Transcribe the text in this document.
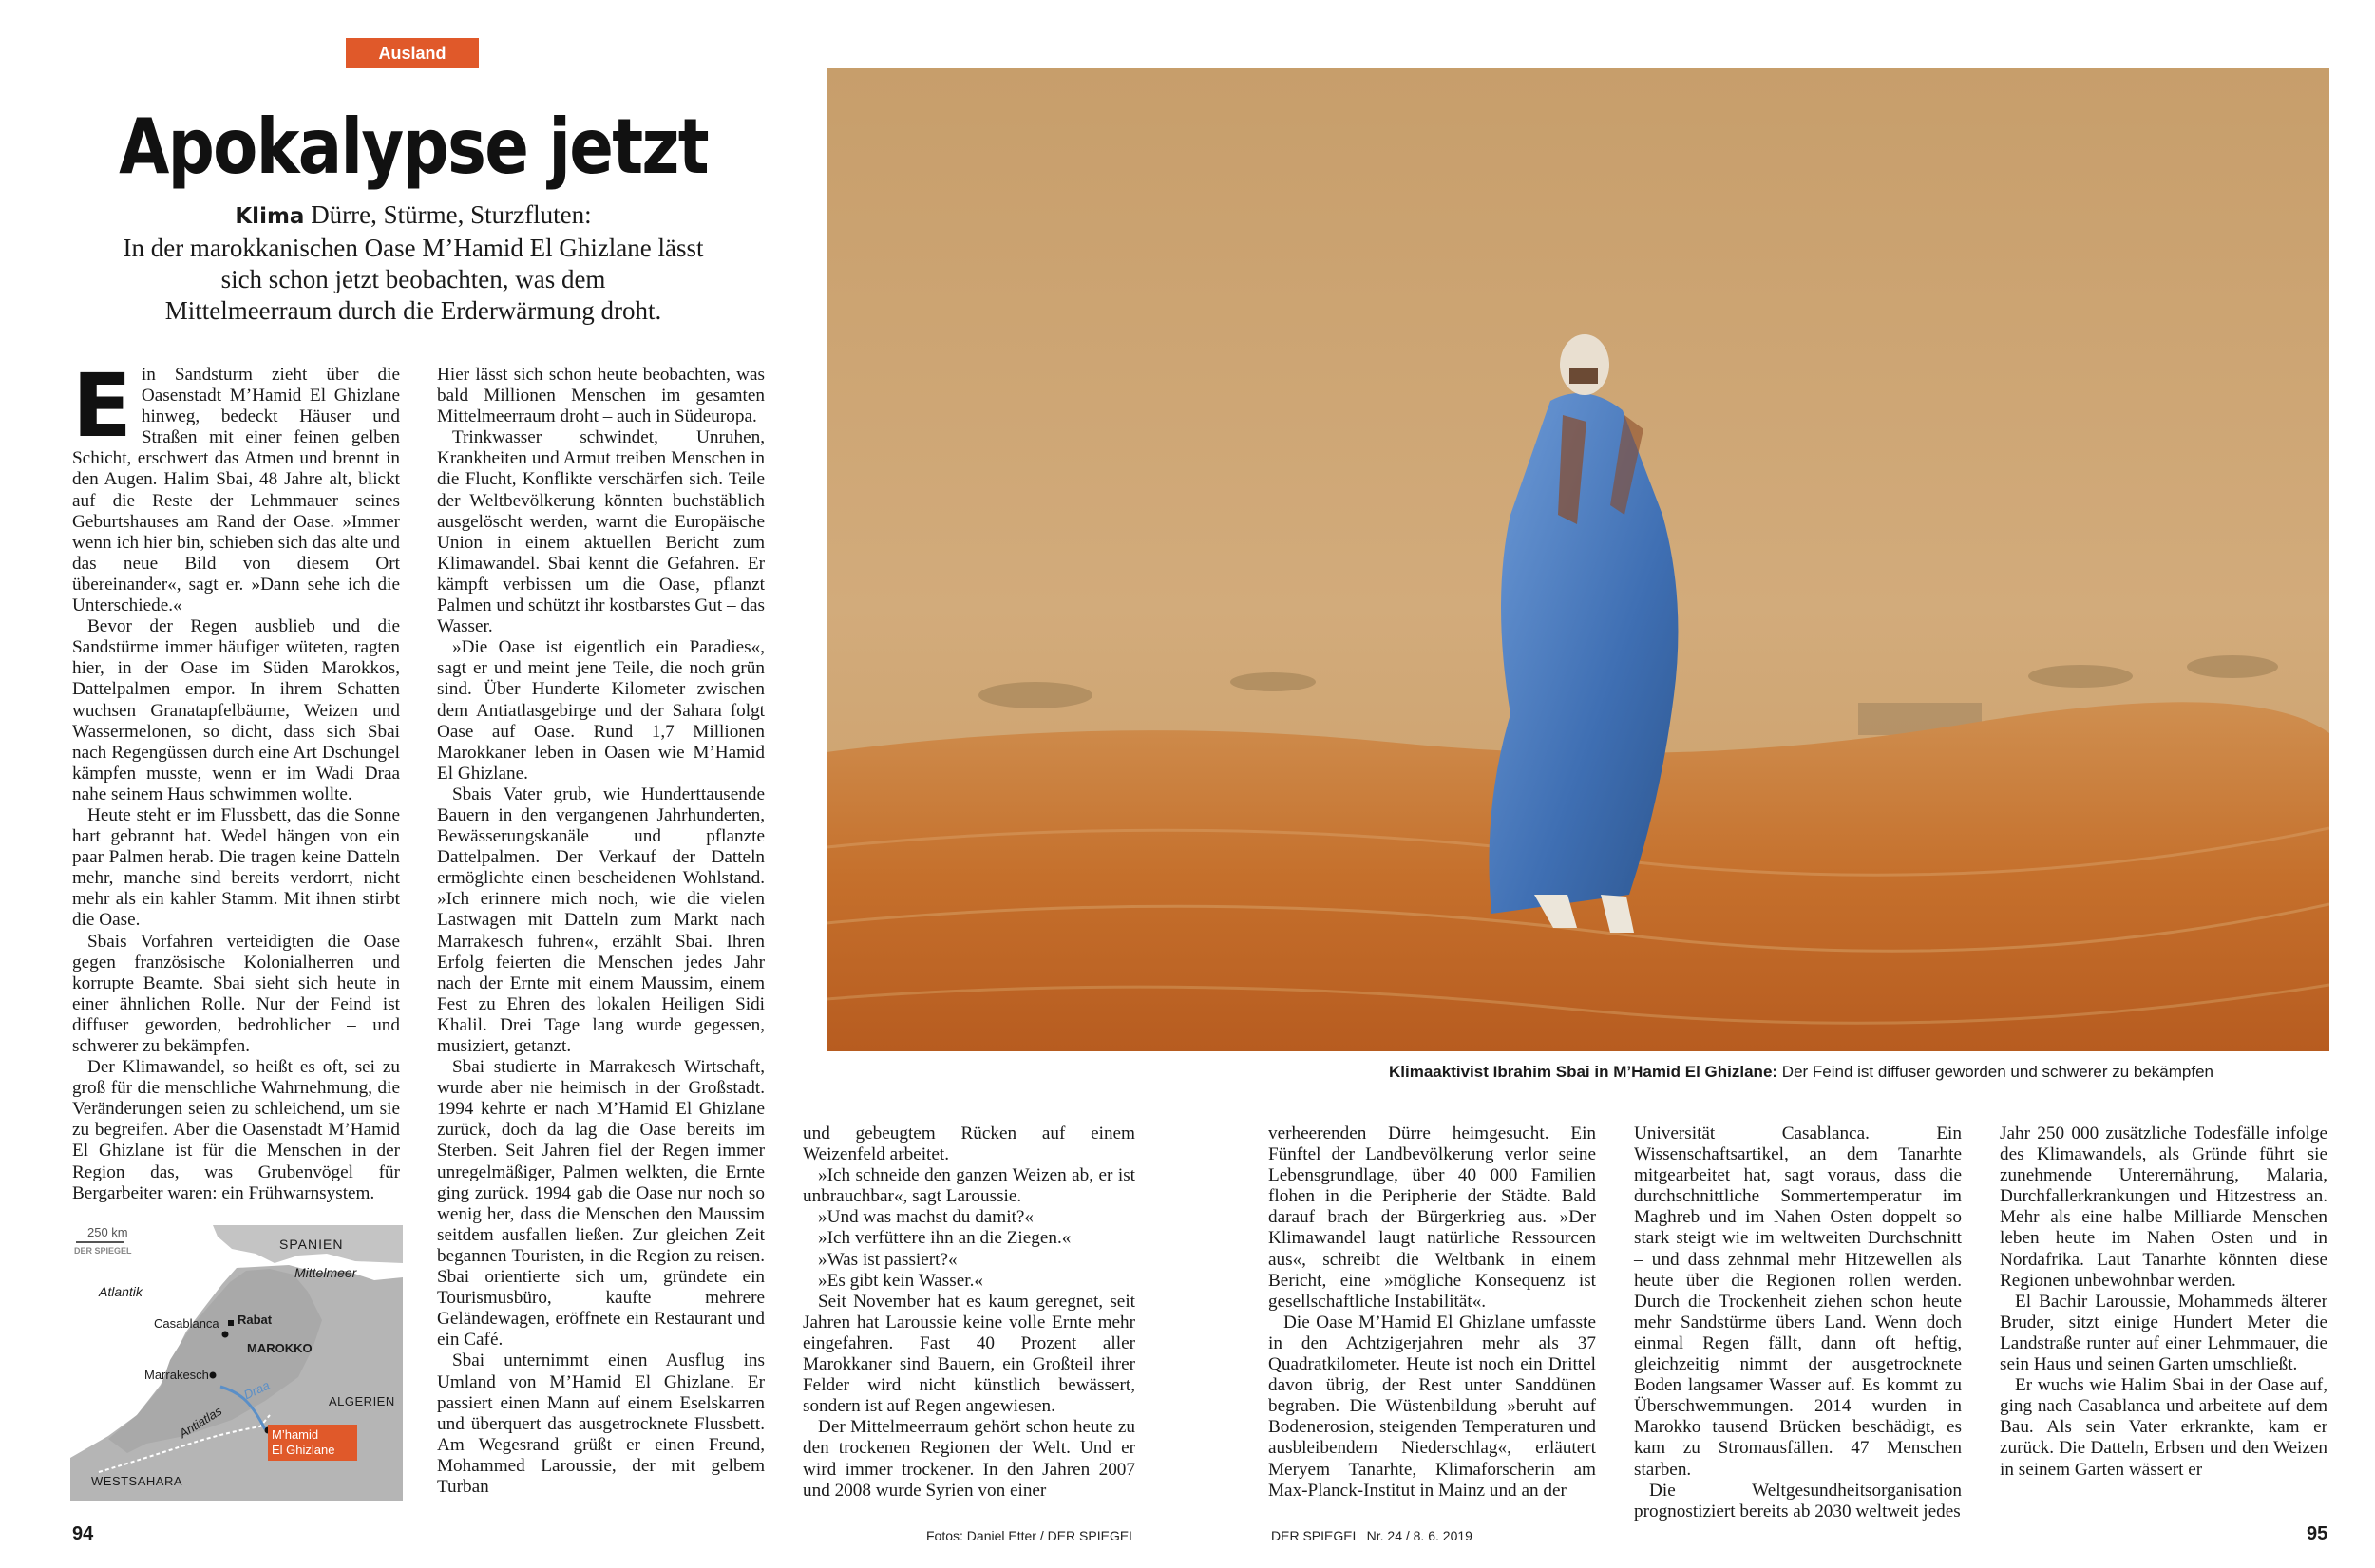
Ausland
Apokalypse jetzt
Klima Dürre, Stürme, Sturzfluten:
In der marokkanischen Oase M’Hamid El Ghizlane lässt
sich schon jetzt beobachten, was dem
Mittelmeerraum durch die Erderwärmung droht.

Ein Sandsturm zieht über die Oasenstadt M’Hamid El Ghizlane hinweg, bedeckt Häuser und Straßen mit einer feinen gelben Schicht, erschwert das Atmen und brennt in den Augen. Halim Sbai, 48 Jahre alt, blickt auf die Reste der Lehmmauer seines Geburtshauses am Rand der Oase. »Immer wenn ich hier bin, schieben sich das alte und das neue Bild von diesem Ort übereinander«, sagt er. »Dann sehe ich die Unterschiede.«

Bevor der Regen ausblieb und die Sandstürme immer häufiger wüteten, ragten hier, in der Oase im Süden Marokkos, Dattelpalmen empor. In ihrem Schatten wuchsen Granatapfelbäume, Weizen und Wassermelonen, so dicht, dass sich Sbai nach Regengüssen durch eine Art Dschungel kämpfen musste, wenn er im Wadi Draa nahe seinem Haus schwimmen wollte.

Heute steht er im Flussbett, das die Sonne hart gebrannt hat. Wedel hängen von ein paar Palmen herab. Die tragen keine Datteln mehr, manche sind bereits verdorrt, nicht mehr als ein kahler Stamm. Mit ihnen stirbt die Oase.

Sbais Vorfahren verteidigten die Oase gegen französische Kolonialherren und korrupte Beamte. Sbai sieht sich heute in einer ähnlichen Rolle. Nur der Feind ist diffuser geworden, bedrohlicher – und schwerer zu bekämpfen.

Der Klimawandel, so heißt es oft, sei zu groß für die menschliche Wahrnehmung, die Veränderungen seien zu schleichend, um sie zu begreifen. Aber die Oasenstadt M’Hamid El Ghizlane ist für die Menschen in der Region das, was Grubenvögel für Bergarbeiter waren: ein Frühwarnsystem.

250 km
DER SPIEGEL	SPANIEN
Mittelmeer
Atlantik
Casablanca Rabat
MAROKKO
Marrakesch
ALGERIEN
Draa
Antiatlas
WESTSAHARA
M’hamid
El Ghizlane

Hier lässt sich schon heute beobachten, was bald Millionen Menschen im gesamten Mittelmeerraum droht – auch in Südeuropa.

Trinkwasser schwindet, Unruhen, Krankheiten und Armut treiben Menschen in die Flucht, Konflikte verschärfen sich. Teile der Weltbevölkerung könnten buchstäblich ausgelöscht werden, warnt die Europäische Union in einem aktuellen Bericht zum Klimawandel. Sbai kennt die Gefahren. Er kämpft verbissen um die Oase, pflanzt Palmen und schützt ihr kostbarstes Gut – das Wasser.

»Die Oase ist eigentlich ein Paradies«, sagt er und meint jene Teile, die noch grün sind. Über Hunderte Kilometer zwischen dem Antiatlasgebirge und der Sahara folgt Oase auf Oase. Rund 1,7 Millionen Marokkaner leben in Oasen wie M’Hamid El Ghizlane.

Sbais Vater grub, wie Hunderttausende Bauern in den vergangenen Jahrhunderten, Bewässerungskanäle und pflanzte Dattelpalmen. Der Verkauf der Datteln ermöglichte einen bescheidenen Wohlstand. »Ich erinnere mich noch, wie die vielen Lastwagen mit Datteln zum Markt nach Marrakesch fuhren«, erzählt Sbai. Ihren Erfolg feierten die Menschen jedes Jahr nach der Ernte mit einem Maussim, einem Fest zu Ehren des lokalen Heiligen Sidi Khalil. Drei Tage lang wurde gegessen, musiziert, getanzt.

Sbai studierte in Marrakesch Wirtschaft, wurde aber nie heimisch in der Großstadt. 1994 kehrte er nach M’Hamid El Ghizlane zurück, doch da lag die Oase bereits im Sterben. Seit Jahren fiel der Regen immer unregelmäßiger, Palmen welkten, die Ernte ging zurück. 1994 gab die Oase nur noch so wenig her, dass die Menschen den Maussim seitdem ausfallen ließen. Zur gleichen Zeit begannen Touristen, in die Region zu reisen. Sbai orientierte sich um, gründete ein Tourismusbüro, kaufte mehrere Geländewagen, eröffnete ein Restaurant und ein Café.

Sbai unternimmt einen Ausflug ins Umland von M’Hamid El Ghizlane. Er passiert einen Mann auf einem Eselskarren und überquert das ausgetrocknete Flussbett. Am Wegesrand grüßt er einen Freund, Mohammed Laroussie, der mit gelbem Turban

Klimaaktivist Ibrahim Sbai in M’Hamid El Ghizlane: Der Feind ist diffuser geworden und schwerer zu bekämpfen

und gebeugtem Rücken auf einem Weizenfeld arbeitet.

»Ich schneide den ganzen Weizen ab, er ist unbrauchbar«, sagt Laroussie.

»Und was machst du damit?«

»Ich verfüttere ihn an die Ziegen.«

»Was ist passiert?«

»Es gibt kein Wasser.«

Seit November hat es kaum geregnet, seit Jahren hat Laroussie keine volle Ernte mehr eingefahren. Fast 40 Prozent aller Marokkaner sind Bauern, ein Großteil ihrer Felder wird nicht künstlich bewässert, sondern ist auf Regen angewiesen.

Der Mittelmeerraum gehört schon heute zu den trockenen Regionen der Welt. Und er wird immer trockener. In den Jahren 2007 und 2008 wurde Syrien von einer

verheerenden Dürre heimgesucht. Ein Fünftel der Landbevölkerung verlor seine Lebensgrundlage, über 40 000 Familien flohen in die Peripherie der Städte. Bald darauf brach der Bürgerkrieg aus. »Der Klimawandel laugt natürliche Ressourcen aus«, schreibt die Weltbank in einem Bericht, eine »mögliche Konsequenz ist gesellschaftliche Instabilität«.

Die Oase M’Hamid El Ghizlane umfasste in den Achtzigerjahren mehr als 37 Quadratkilometer. Heute ist noch ein Drittel davon übrig, der Rest unter Sanddünen begraben. Die Wüstenbildung »beruht auf Bodenerosion, steigenden Temperaturen und ausbleibendem Niederschlag«, erläutert Meryem Tanarhte, Klimaforscherin am Max-Planck-Institut in Mainz und an der

Universität Casablanca. Ein Wissenschaftsartikel, an dem Tanarhte mitgearbeitet hat, sagt voraus, dass die durchschnittliche Sommertemperatur im Maghreb und im Nahen Osten doppelt so stark steigt wie im weltweiten Durchschnitt – und dass zehnmal mehr Hitzewellen als heute über die Regionen rollen werden. Durch die Trockenheit ziehen schon heute mehr Sandstürme übers Land. Wenn doch einmal Regen fällt, dann oft heftig, gleichzeitig nimmt der ausgetrocknete Boden langsamer Wasser auf. Es kommt zu Überschwemmungen. 2014 wurden in Marokko tausend Brücken beschädigt, es kam zu Stromausfällen. 47 Menschen starben.

Die Weltgesundheitsorganisation prognostiziert bereits ab 2030 weltweit jedes

Jahr 250 000 zusätzliche Todesfälle infolge des Klimawandels, als Gründe führt sie zunehmende Unterernährung, Malaria, Durchfallerkrankungen und Hitzestress an. Mehr als eine halbe Milliarde Menschen leben heute im Nahen Osten und in Nordafrika. Laut Tanarhte könnten diese Regionen unbewohnbar werden.

El Bachir Laroussie, Mohammeds älterer Bruder, sitzt einige Hundert Meter die Landstraße runter auf einer Lehmmauer, die sein Haus und seinen Garten umschließt.

Er wuchs wie Halim Sbai in der Oase auf, ging nach Casablanca und arbeitete auf dem Bau. Als sein Vater erkrankte, kam er zurück. Die Datteln, Erbsen und den Weizen in seinem Garten wässert er

94	Fotos: Daniel Etter / DER SPIEGEL	DER SPIEGEL  Nr. 24 / 8. 6. 2019	95
